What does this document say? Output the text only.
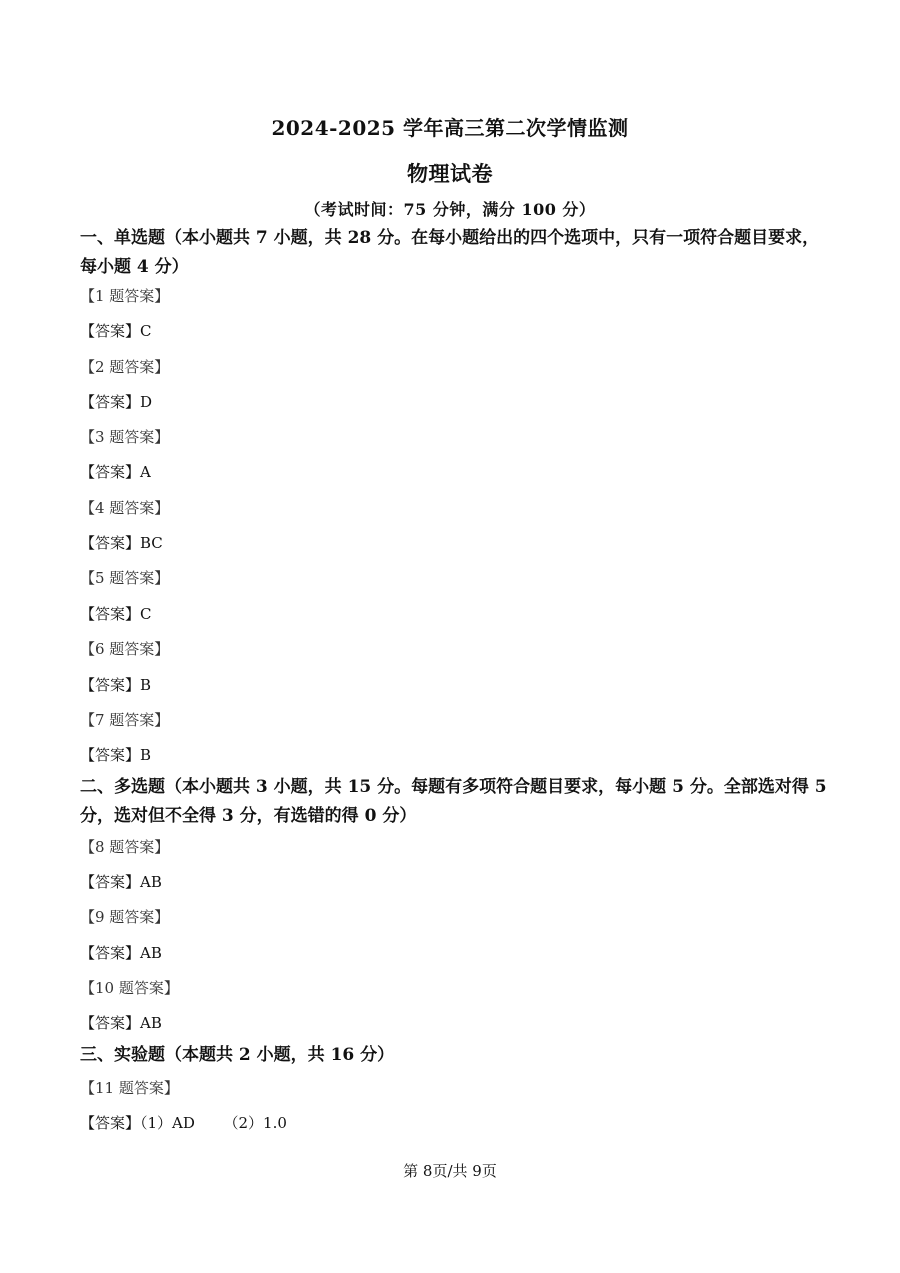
2024-2025 学年高三第二次学情监测
物理试卷
（考试时间：75 分钟，满分 100 分）
一、单选题（本小题共 7 小题，共 28 分。在每小题给出的四个选项中，只有一项符合题目要求，每小题 4 分）
【1 题答案】
【答案】C
【2 题答案】
【答案】D
【3 题答案】
【答案】A
【4 题答案】
【答案】BC
【5 题答案】
【答案】C
【6 题答案】
【答案】B
【7 题答案】
【答案】B
二、多选题（本小题共 3 小题，共 15 分。每题有多项符合题目要求，每小题 5 分。全部选对得 5 分，选对但不全得 3 分，有选错的得 0 分）
【8 题答案】
【答案】AB
【9 题答案】
【答案】AB
【10 题答案】
【答案】AB
三、实验题（本题共 2 小题，共 16 分）
【11 题答案】
【答案】（1）AD      （2）1.0
第 8页/共 9页
